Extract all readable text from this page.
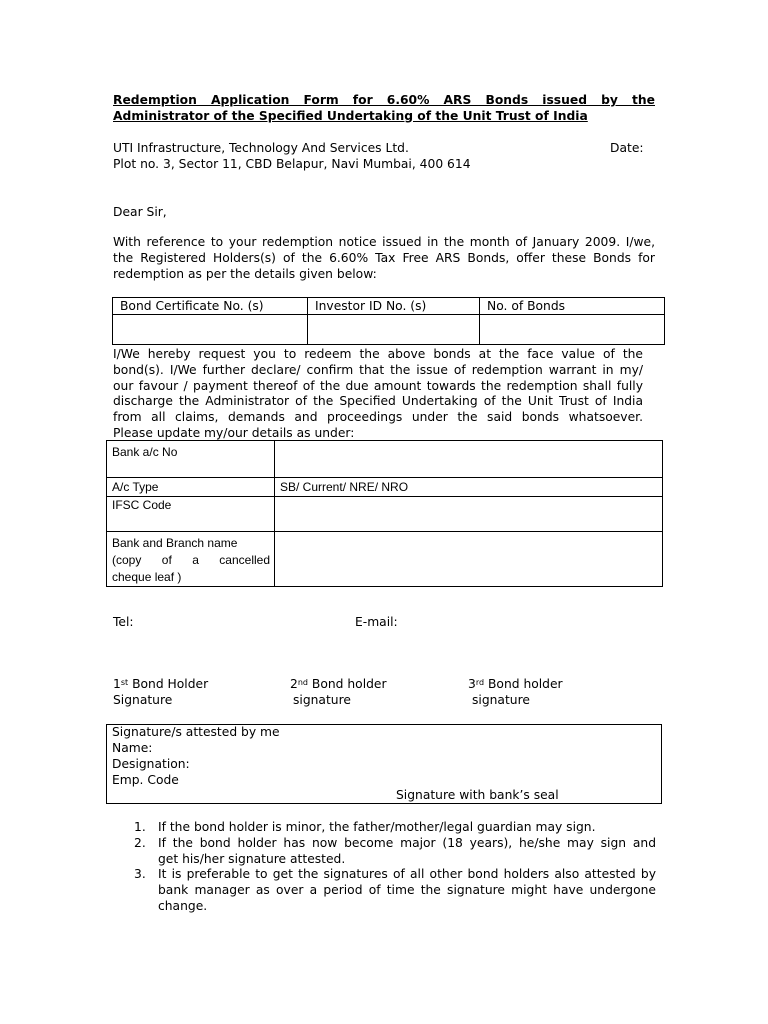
Redemption Application Form for 6.60% ARS Bonds issued by the
Administrator of the Specified Undertaking of the Unit Trust of India
UTI Infrastructure, Technology And Services Ltd.	Date:
Plot no. 3, Sector 11, CBD Belapur, Navi Mumbai, 400 614
Dear Sir,
With reference to your redemption notice issued in the month of January 2009. I/we,
the Registered Holders(s) of the 6.60% Tax Free ARS Bonds, offer these Bonds for
redemption as per the details given below:
Bond Certificate No. (s)	Investor ID No. (s)	No. of Bonds

I/We hereby request you to redeem the above bonds at the face value of the
bond(s). I/We further declare/ confirm that the issue of redemption warrant in my/
our favour / payment thereof of the due amount towards the redemption shall fully
discharge the Administrator of the Specified Undertaking of the Unit Trust of India
from all claims, demands and proceedings under the said bonds whatsoever.
Please update my/our details as under:
Bank a/c No	
A/c Type	SB/ Current/ NRE/ NRO
IFSC Code	

Bank and Branch name
(copy of a cancelled
cheque leaf )	

Tel:	E-mail:
1st Bond Holder
Signature
2nd Bond holder
signature
3rd Bond holder
signature
Signature/s attested by me
Name:
Designation:
Emp. Code
Signature with bank’s seal
1. If the bond holder is minor, the father/mother/legal guardian may sign.
2. If the bond holder has now become major (18 years), he/she may sign and
get his/her signature attested.
3. It is preferable to get the signatures of all other bond holders also attested by
bank manager as over a period of time the signature might have undergone
change.
